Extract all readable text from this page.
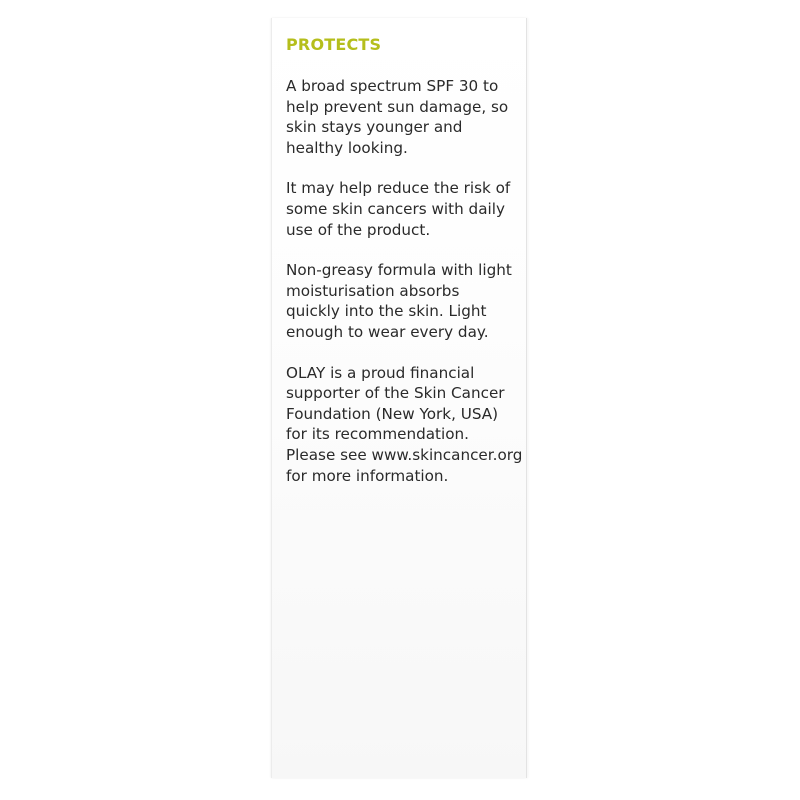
PROTECTS

A broad spectrum SPF 30 to
help prevent sun damage, so
skin stays younger and
healthy looking.

It may help reduce the risk of
some skin cancers with daily
use of the product.

Non-greasy formula with light
moisturisation absorbs
quickly into the skin. Light
enough to wear every day.

OLAY is a proud financial
supporter of the Skin Cancer
Foundation (New York, USA)
for its recommendation.
Please see www.skincancer.org
for more information.
